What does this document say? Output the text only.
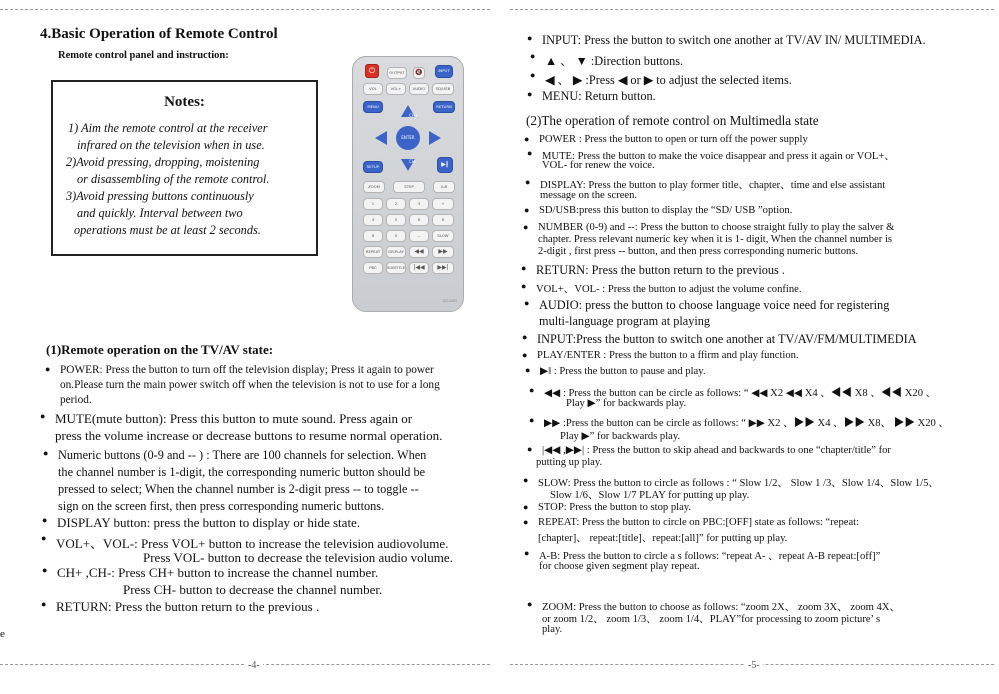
4.Basic Operation of Remote Control
Remote control panel and instruction:
Notes:
1) Aim the remote control at the receiver
infrared on the television when in use.
2)Avoid pressing, dropping, moistening
or disassembling of the remote control.
3)Avoid pressing buttons continuously
and quickly. Interval between two
operations must be at least 2 seconds.
⏻	OUTPUT	🔇	INPUT
VOL	VOL+	AUDIO	SD/USB
MENU	RETURN
ENTER
CH+
CH-
SETUP	▶‖
ZOOM	STEP	A-B
1	2	3	+
4	5	6	6
8	0	--	SLOW
REPEAT	DISPLAY	◀◀	▶▶
PBC	SUBTITLE	|◀◀	▶▶|
DC-DVD
(1)Remote operation on the TV/AV state:
● POWER: Press the button to turn off the television display; Press it again to power
on.Please turn the main power switch off when the television is not to use for a long
period.
● MUTE(mute button): Press this button to mute sound. Press again or
press the volume increase or decrease buttons to resume normal operation.
● Numeric buttons (0-9 and -- ) : There are 100 channels for selection. When
the channel number is 1-digit, the corresponding numeric button should be
pressed to select; When the channel number is 2-digit press -- to toggle --
sign on the screen first, then press corresponding numeric buttons.
● DISPLAY button: press the button to display or hide state.
● VOL+、VOL-: Press VOL+ button to increase the television audiovolume.
Press VOL- button to decrease the television audio volume.
● CH+ ,CH-: Press CH+ button to increase the channel number.
Press CH- button to decrease the channel number.
● RETURN: Press the button return to the previous .
e
-4-
● INPUT: Press the button to switch one another at TV/AV IN/ MULTIMEDIA.
● ▲ 、 ▼ :Direction buttons.
● ◀ 、 ▶ :Press ◀ or ▶ to adjust the selected items.
● MENU: Return button.
(2)The operation of remote control on Multimedla state
● POWER : Press the button to open or turn off the power supply
● MUTE: Press the button to make the voice disappear and press it again or VOL+、
VOL- for renew the voice.
● DISPLAY: Press the button to play former title、chapter、time and else assistant
message on the screen.
● SD/USB:press this button to display the “SD/ USB ”option.
● NUMBER (0-9) and --: Press the button to choose straight fully to play the salver &
chapter. Press relevant numeric key when it is 1- digit, When the channel number is
2-digit , first press -- button, and then press corresponding numeric buttons.
● RETURN: Press the button return to the previous .
● VOL+、VOL- : Press the button to adjust the volume confine.
● AUDIO: press the button to choose language voice need for registering
multi-language program at playing
● INPUT:Press the button to switch one another at TV/AV/FM/MULTIMEDIA
● PLAY/ENTER : Press the button to a ffirm and play function.
● ▶‖ : Press the button to pause and play.
● ◀◀ : Press the button can be circle as follows: “ ◀◀ X2 ◀◀ X4 、◀◀ X8 、◀◀ X20 、
Play ▶” for backwards play.
● ▶▶ :Press the button can be circle as follows: “ ▶▶ X2 、▶▶ X4 、▶▶ X8、 ▶▶ X20 、
Play ▶” for backwards play.
● |◀◀ ,▶▶| : Press the button to skip ahead and backwards to one “chapter/title” for
putting up play.
● SLOW: Press the button to circle as follows : “ Slow 1/2、 Slow 1 /3、Slow 1/4、Slow 1/5、
Slow 1/6、Slow 1/7 PLAY for putting up play.
● STOP: Press the button to stop play.
● REPEAT: Press the button to circle on PBC:[OFF] state as follows: “repeat:
[chapter]、 repeat:[title]、repeat:[all]” for putting up play.
● A-B: Press the button to circle a s follows: “repeat A- 、repeat A-B repeat:[off]”
for choose given segment play repeat.
● ZOOM: Press the button to choose as follows: “zoom 2X、 zoom 3X、 zoom 4X、
or zoom 1/2、 zoom 1/3、 zoom 1/4、PLAY”for processing to zoom picture’ s
play.
-5-
